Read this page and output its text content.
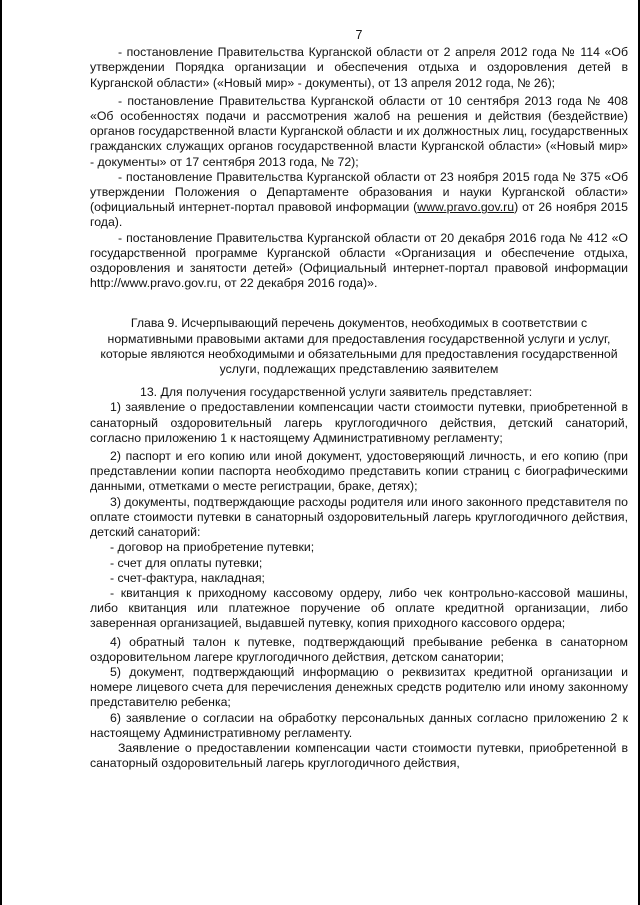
7

- постановление Правительства Курганской области от 2 апреля 2012 года № 114 «Об утверждении Порядка организации и обеспечения отдыха и оздоровления детей в Курганской области» («Новый мир» - документы), от 13 апреля 2012 года, № 26);

- постановление Правительства Курганской области от 10 сентября 2013 года № 408 «Об особенностях подачи и рассмотрения жалоб на решения и действия (бездействие) органов государственной власти Курганской области и их должностных лиц, государственных гражданских служащих органов государственной власти Курганской области» («Новый мир» - документы» от 17 сентября 2013 года, № 72);

- постановление Правительства Курганской области от 23 ноября 2015 года № 375 «Об утверждении Положения о Департаменте образования и науки Курганской области» (официальный интернет-портал правовой информации (www.pravo.gov.ru) от 26 ноября 2015 года).

- постановление Правительства Курганской области от 20 декабря 2016 года № 412 «О государственной программе Курганской области «Организация и обеспечение отдыха, оздоровления и занятости детей» (Официальный интернет-портал правовой информации http://www.pravo.gov.ru, от 22 декабря 2016 года)».

Глава 9. Исчерпывающий перечень документов, необходимых в соответствии с нормативными правовыми актами для предоставления государственной услуги и услуг, которые являются необходимыми и обязательными для предоставления государственной услуги, подлежащих представлению заявителем

13. Для получения государственной услуги заявитель представляет:

1) заявление о предоставлении компенсации части стоимости путевки, приобретенной в санаторный оздоровительный лагерь круглогодичного действия, детский санаторий, согласно приложению 1 к настоящему Административному регламенту;

2) паспорт и его копию или иной документ, удостоверяющий личность, и его копию (при представлении копии паспорта необходимо представить копии страниц с биографическими данными, отметками о месте регистрации, браке, детях);

3) документы, подтверждающие расходы родителя или иного законного представителя по оплате стоимости путевки в санаторный оздоровительный лагерь круглогодичного действия, детский санаторий:

- договор на приобретение путевки;

- счет для оплаты путевки;

- счет-фактура, накладная;

- квитанция к приходному кассовому ордеру, либо чек контрольно-кассовой машины, либо квитанция или платежное поручение об оплате кредитной организации, либо заверенная организацией, выдавшей путевку, копия приходного кассового ордера;

4) обратный талон к путевке, подтверждающий пребывание ребенка в санаторном оздоровительном лагере круглогодичного действия, детском санатории;

5) документ, подтверждающий информацию о реквизитах кредитной организации и номере лицевого счета для перечисления денежных средств родителю или иному законному представителю ребенка;

6) заявление о согласии на обработку персональных данных согласно приложению 2 к настоящему Административному регламенту.

Заявление о предоставлении компенсации части стоимости путевки, приобретенной в санаторный оздоровительный лагерь круглогодичного действия,
